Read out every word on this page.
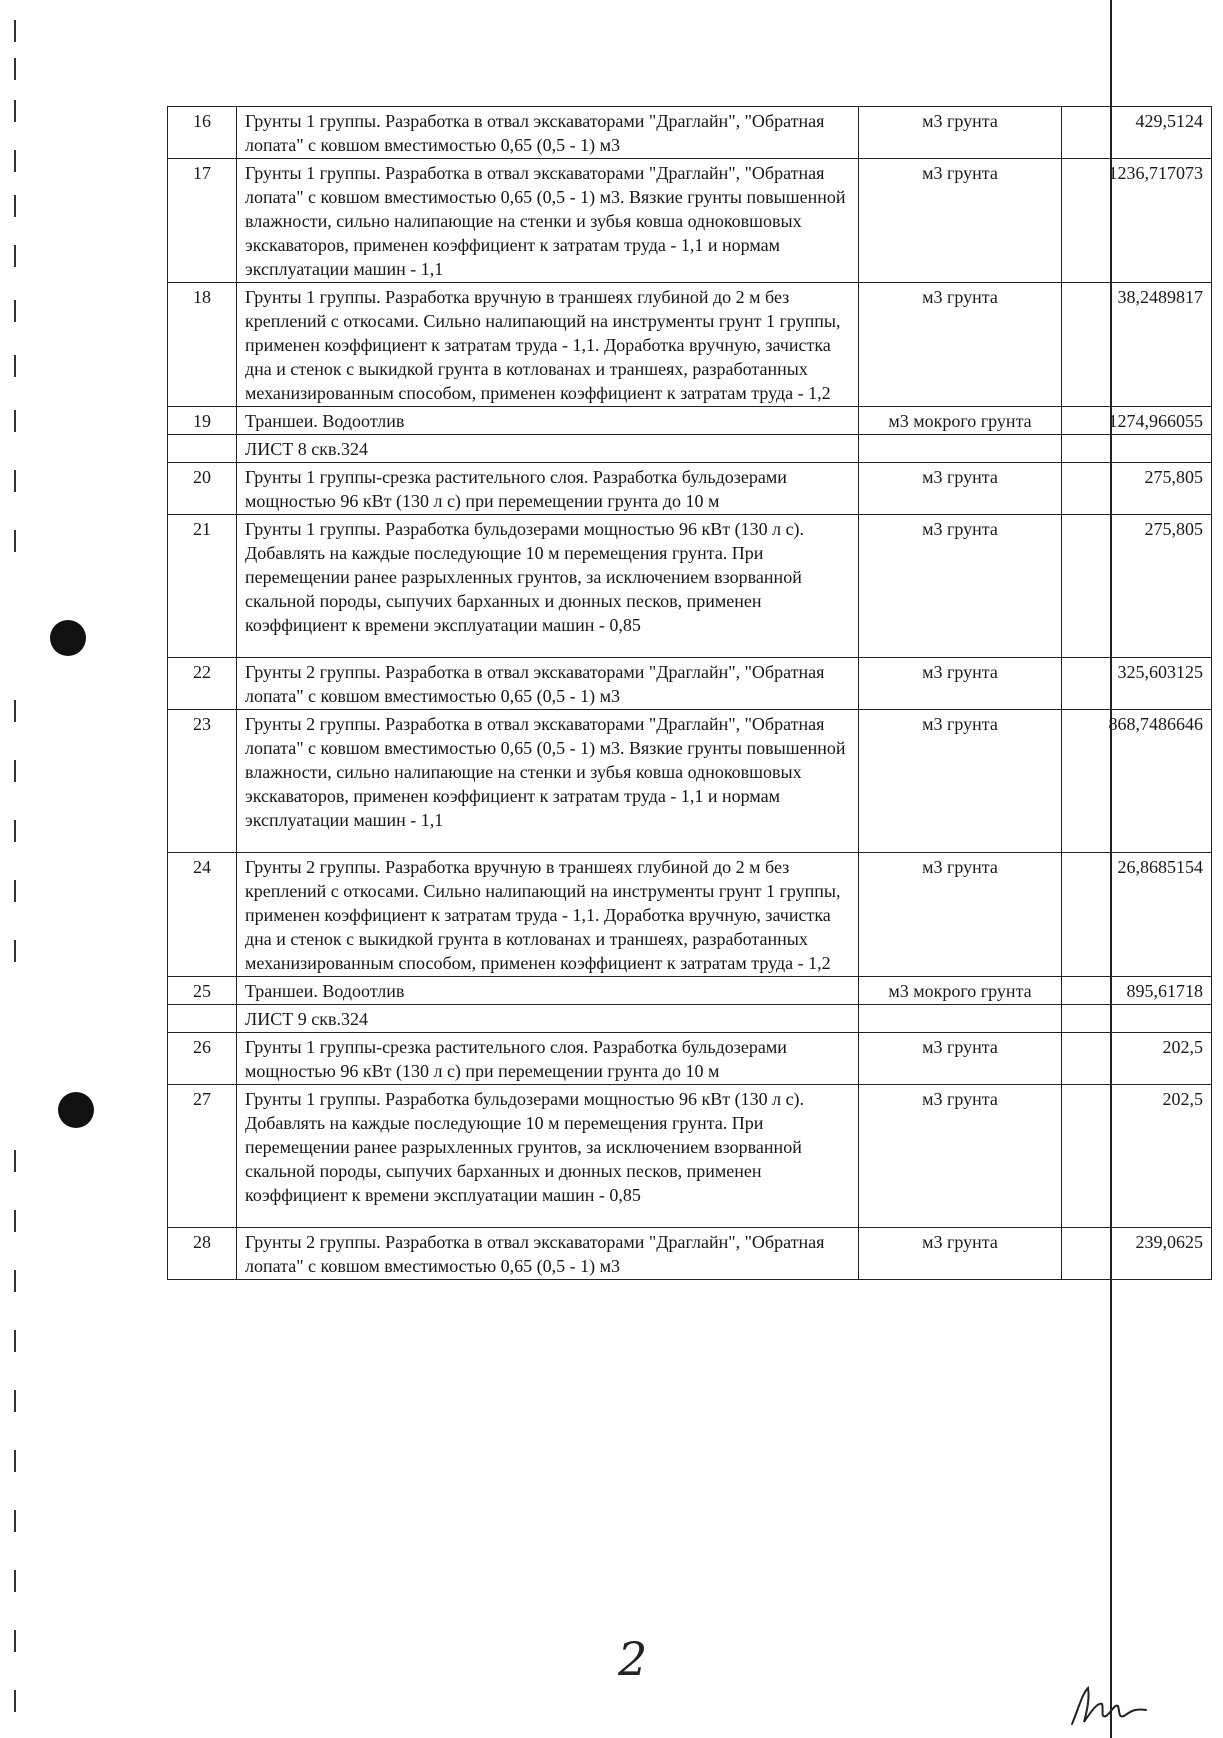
16	Грунты 1 группы. Разработка в отвал экскаваторами "Драглайн", "Обратная лопата" с ковшом вместимостью 0,65 (0,5 - 1) м3	м3 грунта	429,5124
17	Грунты 1 группы. Разработка в отвал экскаваторами "Драглайн", "Обратная лопата" с ковшом вместимостью 0,65 (0,5 - 1) м3. Вязкие грунты повышенной влажности, сильно налипающие на стенки и зубья ковша одноковшовых экскаваторов, применен коэффициент к затратам труда - 1,1 и нормам эксплуатации машин - 1,1	м3 грунта	1236,717073
18	Грунты 1 группы. Разработка вручную в траншеях глубиной до 2 м без креплений с откосами. Сильно налипающий на инструменты грунт 1 группы, применен коэффициент к затратам труда - 1,1. Доработка вручную, зачистка дна и стенок с выкидкой грунта в котлованах и траншеях, разработанных механизированным способом, применен коэффициент к затратам труда - 1,2	м3 грунта	38,2489817
19	Траншеи. Водоотлив	м3 мокрого грунта	1274,966055
	ЛИСТ 8 скв.324		
20	Грунты 1 группы-срезка растительного слоя. Разработка бульдозерами мощностью 96 кВт (130 л с) при перемещении грунта до 10 м	м3 грунта	275,805
21	Грунты 1 группы. Разработка бульдозерами мощностью 96 кВт (130 л с). Добавлять на каждые последующие 10 м перемещения грунта. При перемещении ранее разрыхленных грунтов, за исключением взорванной скальной породы, сыпучих барханных и дюнных песков, применен коэффициент к времени эксплуатации машин - 0,85	м3 грунта	275,805
22	Грунты 2 группы. Разработка в отвал экскаваторами "Драглайн", "Обратная лопата" с ковшом вместимостью 0,65 (0,5 - 1) м3	м3 грунта	325,603125
23	Грунты 2 группы. Разработка в отвал экскаваторами "Драглайн", "Обратная лопата" с ковшом вместимостью 0,65 (0,5 - 1) м3. Вязкие грунты повышенной влажности, сильно налипающие на стенки и зубья ковша одноковшовых экскаваторов, применен коэффициент к затратам труда - 1,1 и нормам эксплуатации машин - 1,1	м3 грунта	868,7486646
24	Грунты 2 группы. Разработка вручную в траншеях глубиной до 2 м без креплений с откосами. Сильно налипающий на инструменты грунт 1 группы, применен коэффициент к затратам труда - 1,1. Доработка вручную, зачистка дна и стенок с выкидкой грунта в котлованах и траншеях, разработанных механизированным способом, применен коэффициент к затратам труда - 1,2	м3 грунта	26,8685154
25	Траншеи. Водоотлив	м3 мокрого грунта	895,61718
	ЛИСТ 9 скв.324		
26	Грунты 1 группы-срезка растительного слоя. Разработка бульдозерами мощностью 96 кВт (130 л с) при перемещении грунта до 10 м	м3 грунта	202,5
27	Грунты 1 группы. Разработка бульдозерами мощностью 96 кВт (130 л с). Добавлять на каждые последующие 10 м перемещения грунта. При перемещении ранее разрыхленных грунтов, за исключением взорванной скальной породы, сыпучих барханных и дюнных песков, применен коэффициент к времени эксплуатации машин - 0,85	м3 грунта	202,5
28	Грунты 2 группы. Разработка в отвал экскаваторами "Драглайн", "Обратная лопата" с ковшом вместимостью 0,65 (0,5 - 1) м3	м3 грунта	239,0625
2
